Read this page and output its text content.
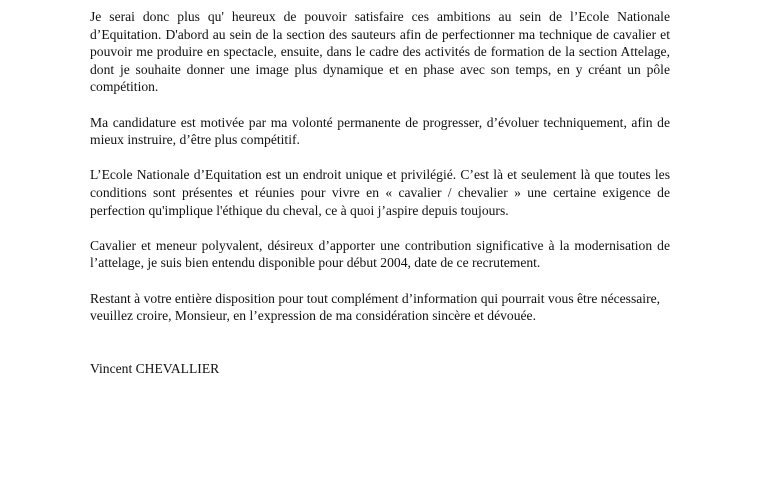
Je serai donc plus qu' heureux de pouvoir satisfaire ces ambitions au sein de l’Ecole Nationale d’Equitation. D'abord au sein de la section des sauteurs afin de perfectionner ma technique de cavalier et pouvoir me produire en spectacle, ensuite, dans le cadre des activités de formation de la section Attelage, dont je souhaite donner une image plus dynamique et en phase avec son temps, en y créant un pôle compétition.

Ma candidature est motivée par ma volonté permanente de progresser, d’évoluer techniquement, afin de mieux instruire, d’être plus compétitif.

L’Ecole Nationale d’Equitation est un endroit unique et privilégié. C’est là et seulement là que toutes les conditions sont présentes et réunies pour vivre en « cavalier / chevalier » une certaine exigence de perfection qu'implique l'éthique du cheval, ce à quoi j’aspire depuis toujours.

Cavalier et meneur polyvalent, désireux d’apporter une contribution significative à la modernisation de l’attelage, je suis bien entendu disponible pour début 2004, date de ce recrutement.

Restant à votre entière disposition pour tout complément d’information qui pourrait vous être nécessaire, veuillez croire, Monsieur, en l’expression de ma considération sincère et dévouée.

Vincent CHEVALLIER
